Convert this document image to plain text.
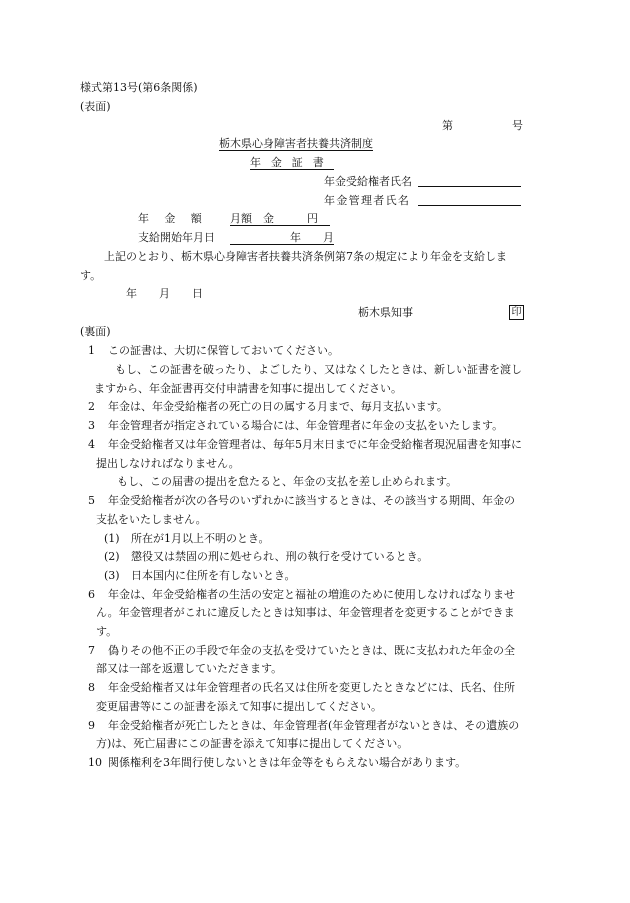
様式第13号(第6条関係)
(表面)
第	号
栃木県心身障害者扶養共済制度
年金証書
年金受給権者氏名
年金管理者氏名
年金額 月額　金　　　円
支給開始年月日	年　　月
上記のとおり、栃木県心身障害者扶養共済条例第7条の規定により年金を支給しま
す。
年　　月　　日
栃木県知事	印
(裏面)
1 この証書は、大切に保管しておいてください。
もし、この証書を破ったり、よごしたり、又はなくしたときは、新しい証書を渡し
ますから、年金証書再交付申請書を知事に提出してください。
2 年金は、年金受給権者の死亡の日の属する月まで、毎月支払います。
3 年金管理者が指定されている場合には、年金管理者に年金の支払をいたします。
4 年金受給権者又は年金管理者は、毎年5月末日までに年金受給権者現況届書を知事に
提出しなければなりません。
もし、この届書の提出を怠たると、年金の支払を差し止められます。
5 年金受給権者が次の各号のいずれかに該当するときは、その該当する期間、年金の
支払をいたしません。
(1) 所在が1月以上不明のとき。
(2) 懲役又は禁固の刑に処せられ、刑の執行を受けているとき。
(3) 日本国内に住所を有しないとき。
6 年金は、年金受給権者の生活の安定と福祉の増進のために使用しなければなりませ
ん。年金管理者がこれに違反したときは知事は、年金管理者を変更することができま
す。
7 偽りその他不正の手段で年金の支払を受けていたときは、既に支払われた年金の全
部又は一部を返還していただきます。
8 年金受給権者又は年金管理者の氏名又は住所を変更したときなどには、氏名、住所
変更届書等にこの証書を添えて知事に提出してください。
9 年金受給権者が死亡したときは、年金管理者(年金管理者がないときは、その遺族の
方)は、死亡届書にこの証書を添えて知事に提出してください。
10 関係権利を3年間行使しないときは年金等をもらえない場合があります。
